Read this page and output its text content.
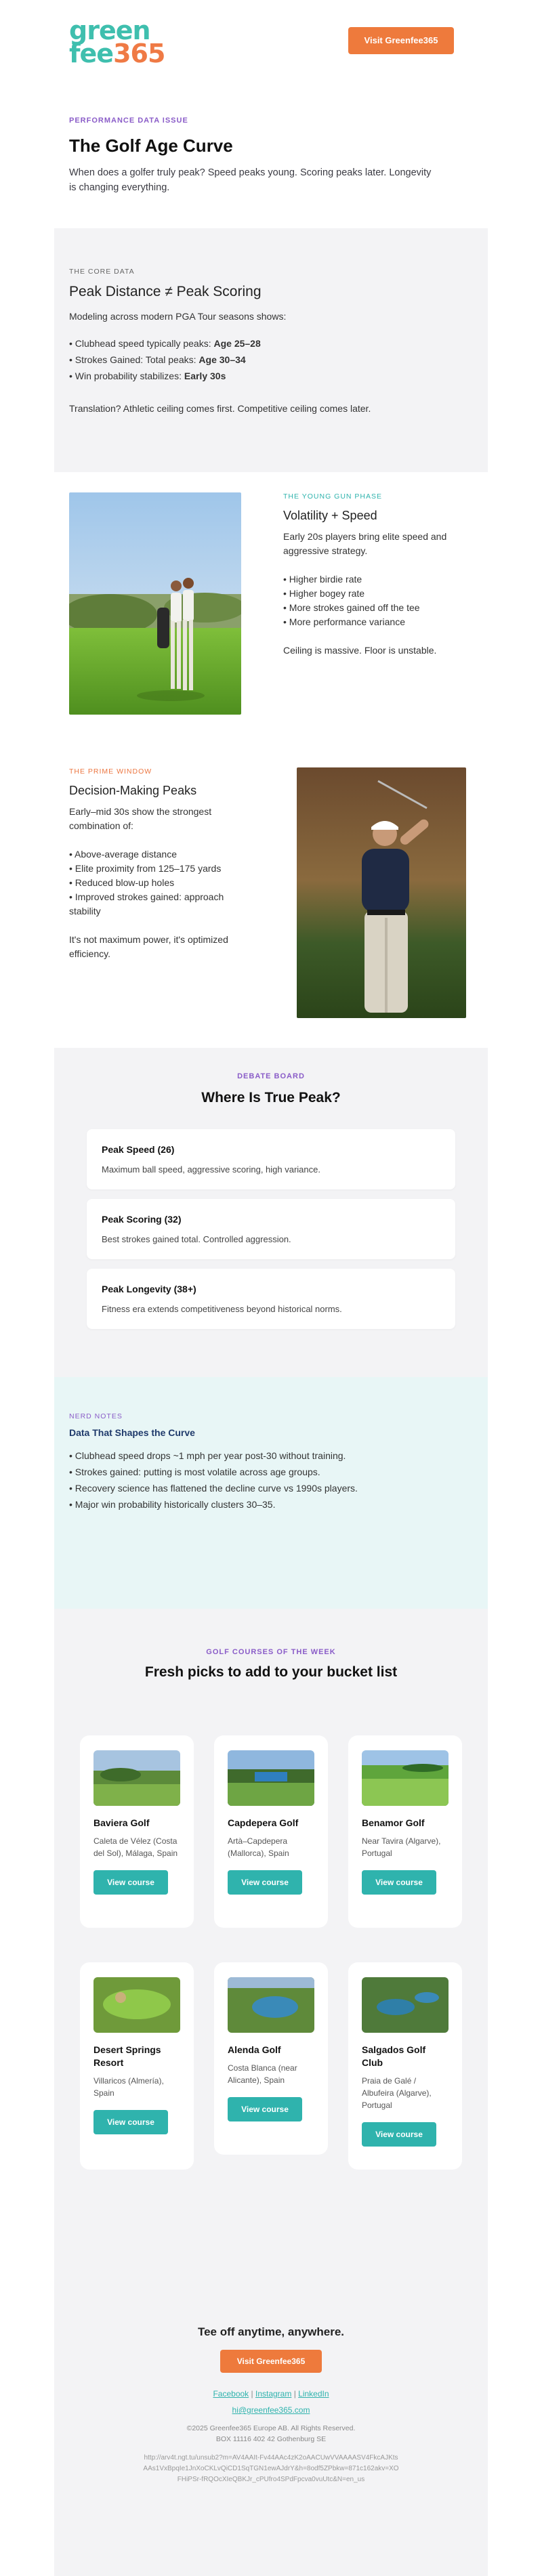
green
fee365	Visit Greenfee365
PERFORMANCE DATA ISSUE
The Golf Age Curve

When does a golfer truly peak? Speed peaks young. Scoring peaks later. Longevity is changing everything.

THE CORE DATA
Peak Distance ≠ Peak Scoring

Modeling across modern PGA Tour seasons shows:

• Clubhead speed typically peaks: Age 25–28
• Strokes Gained: Total peaks: Age 30–34
• Win probability stabilizes: Early 30s

Translation? Athletic ceiling comes first. Competitive ceiling comes later.

THE YOUNG GUN PHASE
Volatility + Speed

Early 20s players bring elite speed and aggressive strategy.

• Higher birdie rate
• Higher bogey rate
• More strokes gained off the tee
• More performance variance

Ceiling is massive. Floor is unstable.

THE PRIME WINDOW
Decision-Making Peaks

Early–mid 30s show the strongest combination of:

• Above-average distance
• Elite proximity from 125–175 yards
• Reduced blow-up holes
• Improved strokes gained: approach stability

It's not maximum power, it's optimized efficiency.

DEBATE BOARD
Where Is True Peak?
Peak Speed (26)

Maximum ball speed, aggressive scoring, high variance.

Peak Scoring (32)

Best strokes gained total. Controlled aggression.

Peak Longevity (38+)

Fitness era extends competitiveness beyond historical norms.

NERD NOTES
Data That Shapes the Curve
• Clubhead speed drops ~1 mph per year post-30 without training.
• Strokes gained: putting is most volatile across age groups.
• Recovery science has flattened the decline curve vs 1990s players.
• Major win probability historically clusters 30–35.
GOLF COURSES OF THE WEEK
Fresh picks to add to your bucket list
Baviera Golf
Caleta de Vélez (Costa del Sol), Málaga, Spain
View course
Capdepera Golf
Artà–Capdepera (Mallorca), Spain
View course
Benamor Golf
Near Tavira (Algarve), Portugal
View course
Desert Springs Resort
Villaricos (Almería), Spain
View course
Alenda Golf
Costa Blanca (near Alicante), Spain
View course
Salgados Golf Club
Praia de Galé / Albufeira (Algarve), Portugal
View course
Tee off anytime, anywhere.
Visit Greenfee365
Facebook | Instagram | LinkedIn
hi@greenfee365.com
©2025 Greenfee365 Europe AB. All Rights Reserved.
BOX 11116 402 42 Gothenburg SE
http://arv4t.ngt.tu/unsub2?m=AV4AAIt-Fv44AAc4zK2oAACUwVVAAAASV4FkcAJKtsAAs1VxBpqIe1JnXoCKLvQiCD1SqTGN1ewAJdrY&h=8odf5ZPbkw=871c162akv=XOFHiPSr-fRQOcXIeQBKJr_cPUfro4SPdFpcva0vuUtc&N=en_us
